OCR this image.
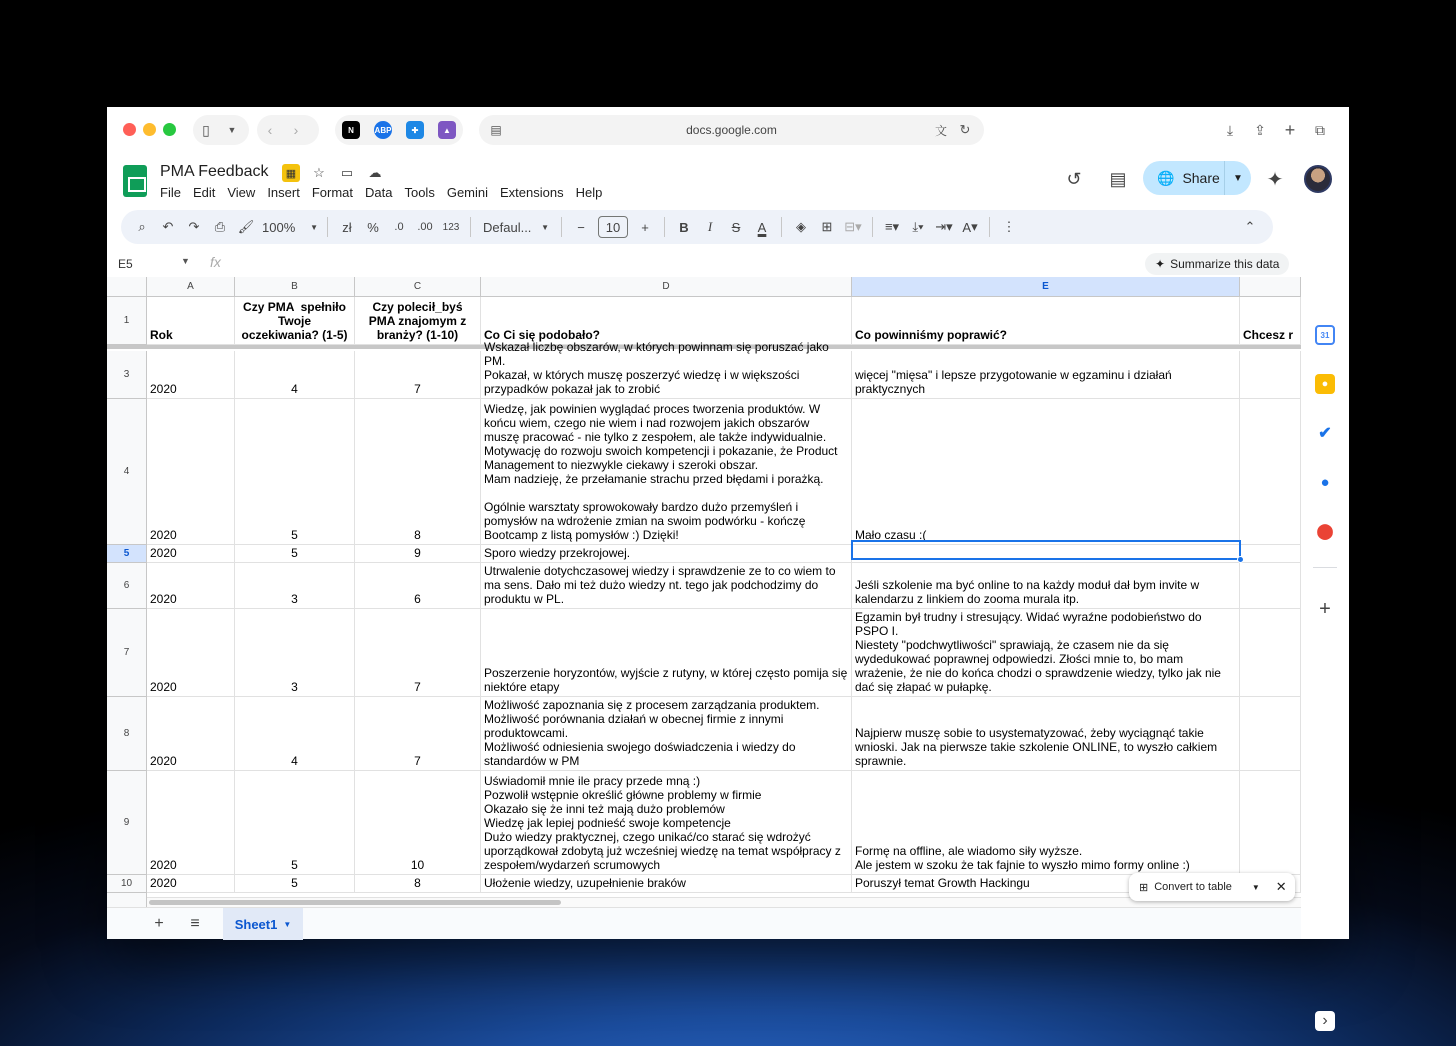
▯	▼	‹	›	N	ABP	✚	▲	▤	docs.google.com	文 ↻	⤓	⇪	+	⧉
PMA Feedback	▦ ☆ ▭ ☁
File Edit View Insert Format Data Tools Gemini Extensions Help
↺ ▤ 🌐 Share	▼	✦
⌕	↶	↷	⎙ 🖌 100% ▼	zł	%	.0	.00	123	Defaul... ▼	−	10	+	B	I	S	A	◈	⊞ ⊟▾	≡▾	⤓▾ ⇥▾ A ▾	⋮	⌃
E5	▼ fx	✦ Summarize this data
A	B	C	D	E
1
Rok
Czy PMA  spełniło Twoje oczekiwania? (1-5)
Czy polecił_byś PMA znajomym z branży? (1-10)	Co Ci się podobało?	Co powinniśmy poprawić?	Chcesz r
3
2020	4	7
Wskazał liczbę obszarów, w których powinnam się poruszać jako PM.
Pokazał, w których muszę poszerzyć wiedzę i w większości przypadków pokazał jak to zrobić
więcej "mięsa" i lepsze przygotowanie w egzaminu i działań praktycznych
4
2020	5	8
Wiedzę, jak powinien wyglądać proces tworzenia produktów. W końcu wiem, czego nie wiem i nad rozwojem jakich obszarów muszę pracować - nie tylko z zespołem, ale także indywidualnie.
Motywację do rozwoju swoich kompetencji i pokazanie, że Product Management to niezwykle ciekawy i szeroki obszar.
Mam nadzieję, że przełamanie strachu przed błędami i porażką.

Ogólnie warsztaty sprowokowały bardzo dużo przemyśleń i pomysłów na wdrożenie zmian na swoim podwórku - kończę Bootcamp z listą pomysłów :) Dzięki!	Mało czasu :(
5	2020	5	9	Sporo wiedzy przekrojowej.
6
2020	3	6
Utrwalenie dotychczasowej wiedzy i sprawdzenie ze to co wiem to ma sens. Dało mi też dużo wiedzy nt. tego jak podchodzimy do produktu w PL.
Jeśli szkolenie ma być online to na każdy moduł dał bym invite w kalendarzu z linkiem do zooma murala itp.
7
2020	3	7
Poszerzenie horyzontów, wyjście z rutyny, w której często pomija się niektóre etapy
Egzamin był trudny i stresujący. Widać wyraźne podobieństwo do PSPO I.
Niestety "podchwytliwości" sprawiają, że czasem nie da się wydedukować poprawnej odpowiedzi. Złości mnie to, bo mam wrażenie, że nie do końca chodzi o sprawdzenie wiedzy, tylko jak nie dać się złapać w pułapkę.
8
2020	4	7
Możliwość zapoznania się z procesem zarządzania produktem.
Możliwość porównania działań w obecnej firmie z innymi produktowcami.
Możliwość odniesienia swojego doświadczenia i wiedzy do standardów w PM
Najpierw muszę sobie to usystematyzować, żeby wyciągnąć takie wnioski. Jak na pierwsze takie szkolenie ONLINE, to wyszło całkiem sprawnie.
9
2020	5	10
Uświadomił mnie ile pracy przede mną :)
Pozwolił wstępnie określić główne problemy w firmie
Okazało się że inni też mają dużo problemów
Wiedzę jak lepiej podnieść swoje kompetencje
Dużo wiedzy praktycznej, czego unikać/co starać się wdrożyć
uporządkował zdobytą już wcześniej wiedzę na temat współpracy z zespołem/wydarzeń scrumowych
Formę na offline, ale wiadomo siły wyższe.
Ale jestem w szoku że tak fajnie to wyszło mimo formy online :)
10	2020	5	8	Ułożenie wiedzy, uzupełnienie braków	Poruszył temat Growth Hackingu	⊞ Convert to table	▼ ✕
+	≡	Sheet1 ▼
31
●
✔
●
⬤
+
›
